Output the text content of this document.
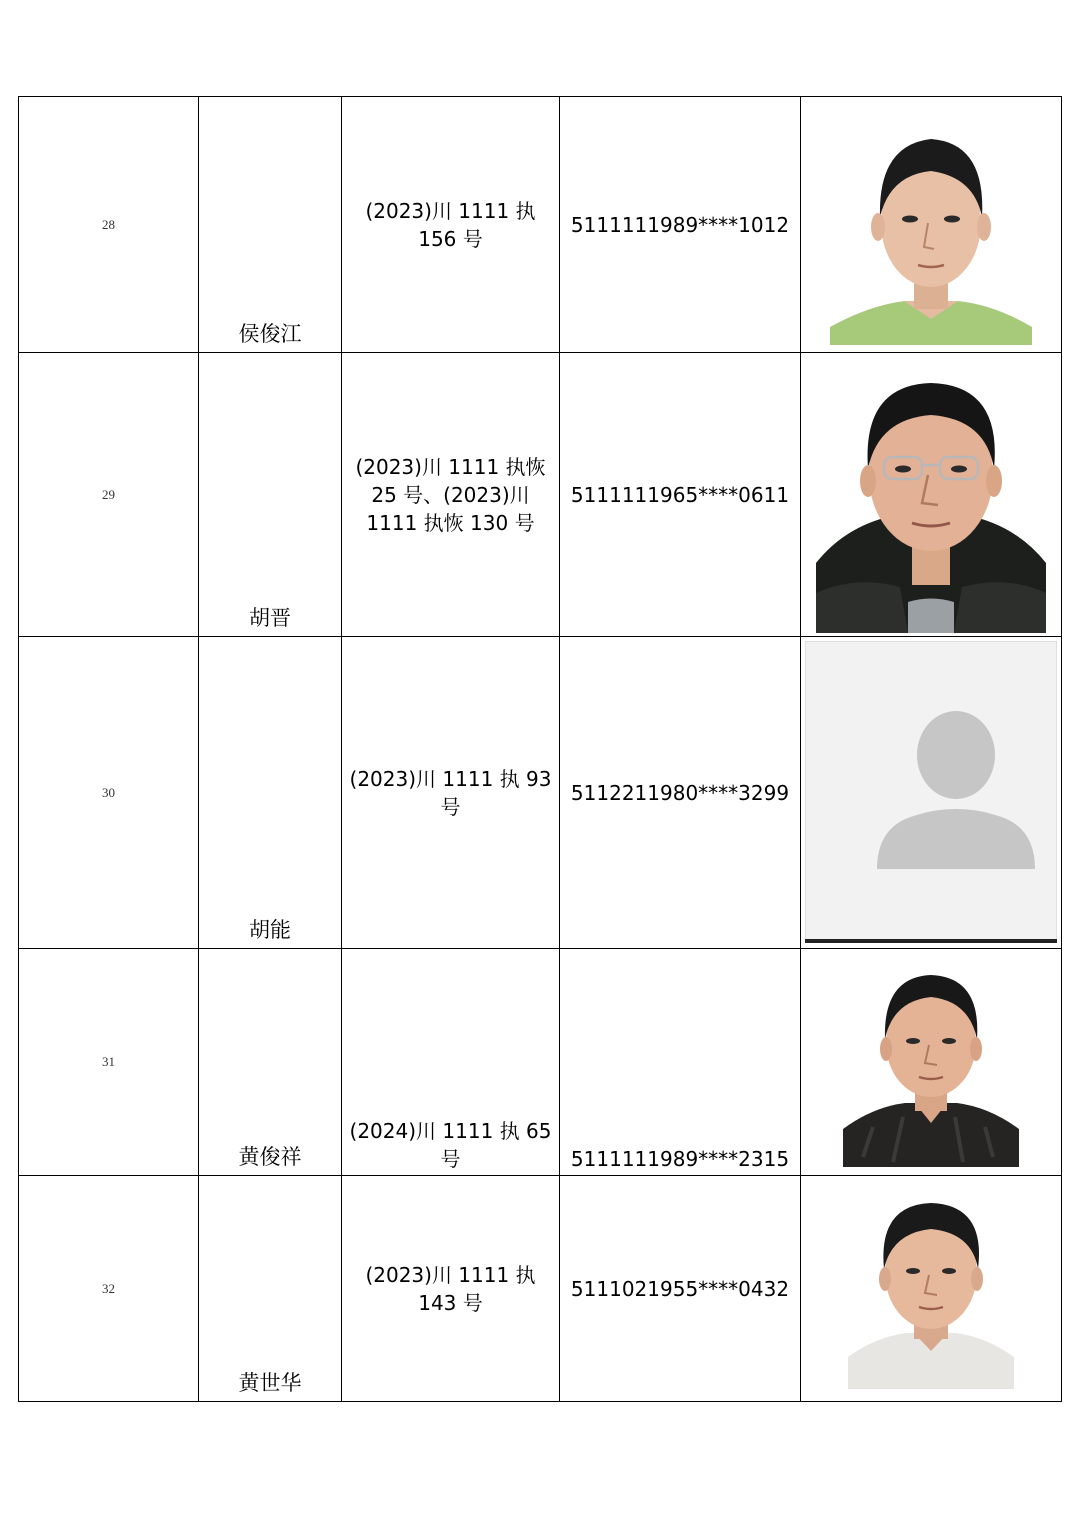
28	侯俊江	(2023)川 1111 执 156 号	5111111989****1012	

29	胡晋	(2023)川 1111 执恢 25 号、(2023)川 1111 执恢 130 号	5111111965****0611	

30	胡能	(2023)川 1111 执 93 号	5112211980****3299	

31	黄俊祥	(2024)川 1111 执 65 号	5111111989****2315

32	黄世华	(2023)川 1111 执 143 号	5111021955****0432	
